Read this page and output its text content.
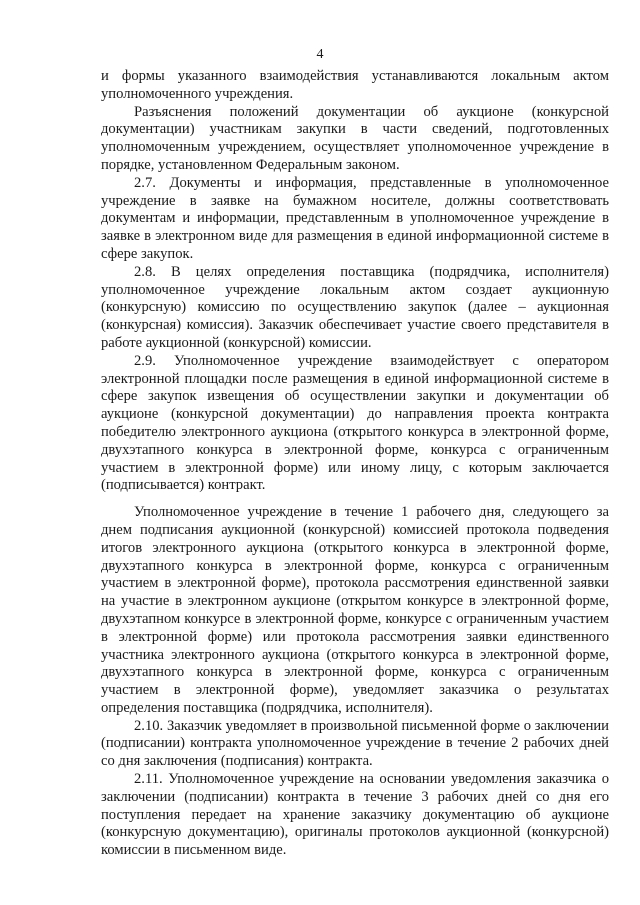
4

и формы указанного взаимодействия устанавливаются локальным актом уполномоченного учреждения.

Разъяснения положений документации об аукционе (конкурсной документации) участникам закупки в части сведений, подготовленных уполномоченным учреждением, осуществляет уполномоченное учреждение в порядке, установленном Федеральным законом.

2.7. Документы и информация, представленные в уполномоченное учреждение в заявке на бумажном носителе, должны соответствовать документам и информации, представленным в уполномоченное учреждение в заявке в электронном виде для размещения в единой информационной системе в сфере закупок.

2.8. В целях определения поставщика (подрядчика, исполнителя) уполномоченное учреждение локальным актом создает аукционную (конкурсную) комиссию по осуществлению закупок (далее – аукционная (конкурсная) комиссия). Заказчик обеспечивает участие своего представителя в работе аукционной (конкурсной) комиссии.

2.9. Уполномоченное учреждение взаимодействует с оператором электронной площадки после размещения в единой информационной системе в сфере закупок извещения об осуществлении закупки и документации об аукционе (конкурсной документации) до направления проекта контракта победителю электронного аукциона (открытого конкурса в электронной форме, двухэтапного конкурса в электронной форме, конкурса с ограниченным участием в электронной форме) или иному лицу, с которым заключается (подписывается) контракт.

Уполномоченное учреждение в течение 1 рабочего дня, следующего за днем подписания аукционной (конкурсной) комиссией протокола подведения итогов электронного аукциона (открытого конкурса в электронной форме, двухэтапного конкурса в электронной форме, конкурса с ограниченным участием в электронной форме), протокола рассмотрения единственной заявки на участие в электронном аукционе (открытом конкурсе в электронной форме, двухэтапном конкурсе в электронной форме, конкурсе с ограниченным участием в электронной форме) или протокола рассмотрения заявки единственного участника электронного аукциона (открытого конкурса в электронной форме, двухэтапного конкурса в электронной форме, конкурса с ограниченным участием в электронной форме), уведомляет заказчика о результатах определения поставщика (подрядчика, исполнителя).

2.10. Заказчик уведомляет в произвольной письменной форме о заключении (подписании) контракта уполномоченное учреждение в течение 2 рабочих дней со дня заключения (подписания) контракта.

2.11. Уполномоченное учреждение на основании уведомления заказчика о заключении (подписании) контракта в течение 3 рабочих дней со дня его поступления передает на хранение заказчику документацию об аукционе (конкурсную документацию), оригиналы протоколов аукционной (конкурсной) комиссии в письменном виде.
